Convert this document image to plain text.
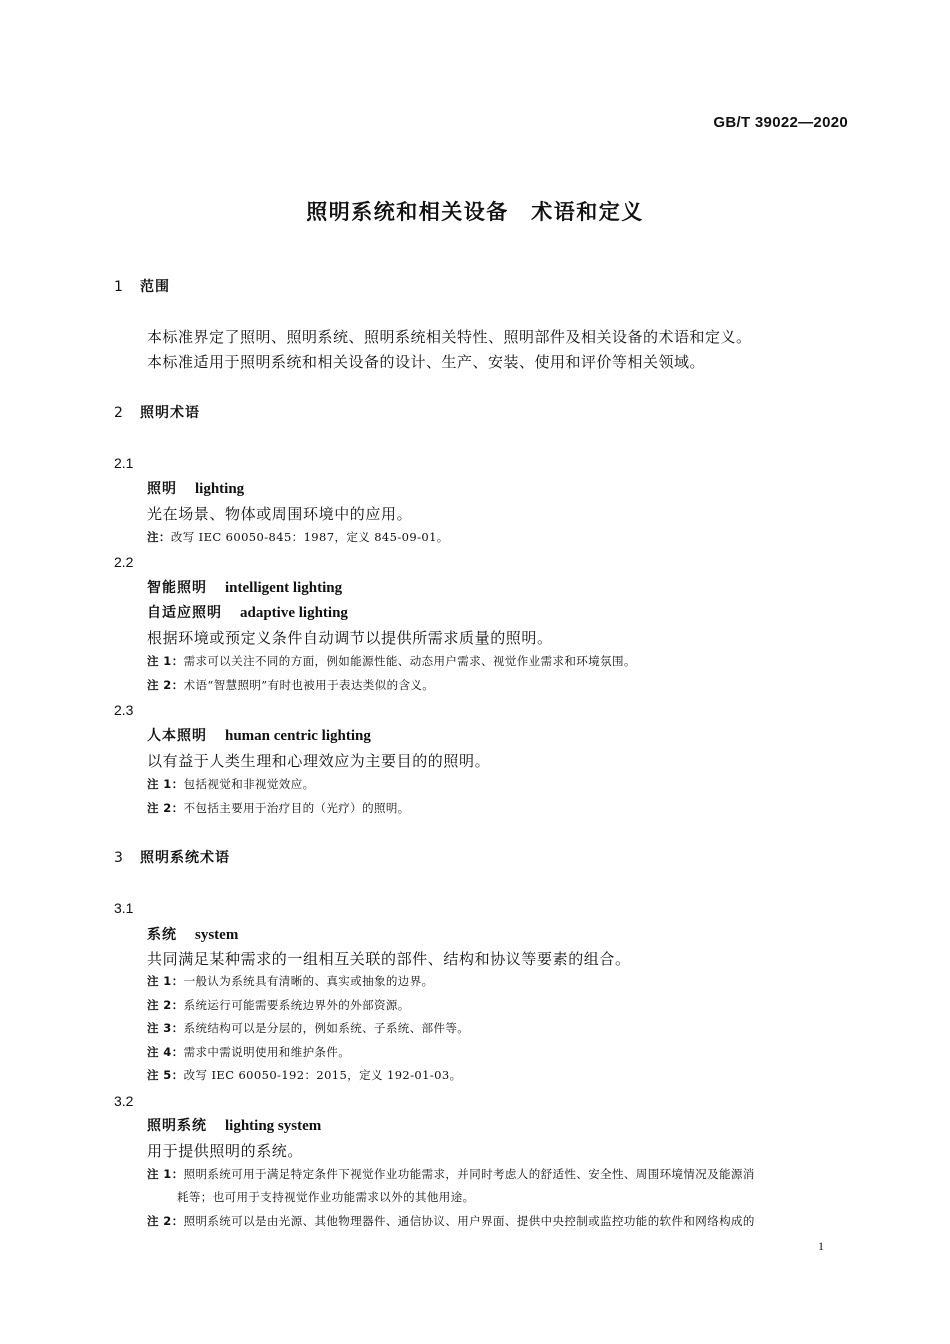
GB/T 39022—2020
照明系统和相关设备　术语和定义
1 范围
本标准界定了照明、照明系统、照明系统相关特性、照明部件及相关设备的术语和定义。
本标准适用于照明系统和相关设备的设计、生产、安装、使用和评价等相关领域。
2 照明术语
2.1
照明 lighting
光在场景、物体或周围环境中的应用。
注：改写 IEC 60050-845：1987，定义 845-09-01。
2.2
智能照明 intelligent lighting
自适应照明 adaptive lighting
根据环境或预定义条件自动调节以提供所需求质量的照明。
注 1：需求可以关注不同的方面，例如能源性能、动态用户需求、视觉作业需求和环境氛围。
注 2：术语“智慧照明”有时也被用于表达类似的含义。
2.3
人本照明 human centric lighting
以有益于人类生理和心理效应为主要目的的照明。
注 1：包括视觉和非视觉效应。
注 2：不包括主要用于治疗目的（光疗）的照明。
3 照明系统术语
3.1
系统 system
共同满足某种需求的一组相互关联的部件、结构和协议等要素的组合。
注 1：一般认为系统具有清晰的、真实或抽象的边界。
注 2：系统运行可能需要系统边界外的外部资源。
注 3：系统结构可以是分层的，例如系统、子系统、部件等。
注 4：需求中需说明使用和维护条件。
注 5：改写 IEC 60050-192：2015，定义 192-01-03。
3.2
照明系统 lighting system
用于提供照明的系统。
注 1：照明系统可用于满足特定条件下视觉作业功能需求，并同时考虑人的舒适性、安全性、周围环境情况及能源消
耗等；也可用于支持视觉作业功能需求以外的其他用途。
注 2：照明系统可以是由光源、其他物理器件、通信协议、用户界面、提供中央控制或监控功能的软件和网络构成的
1
